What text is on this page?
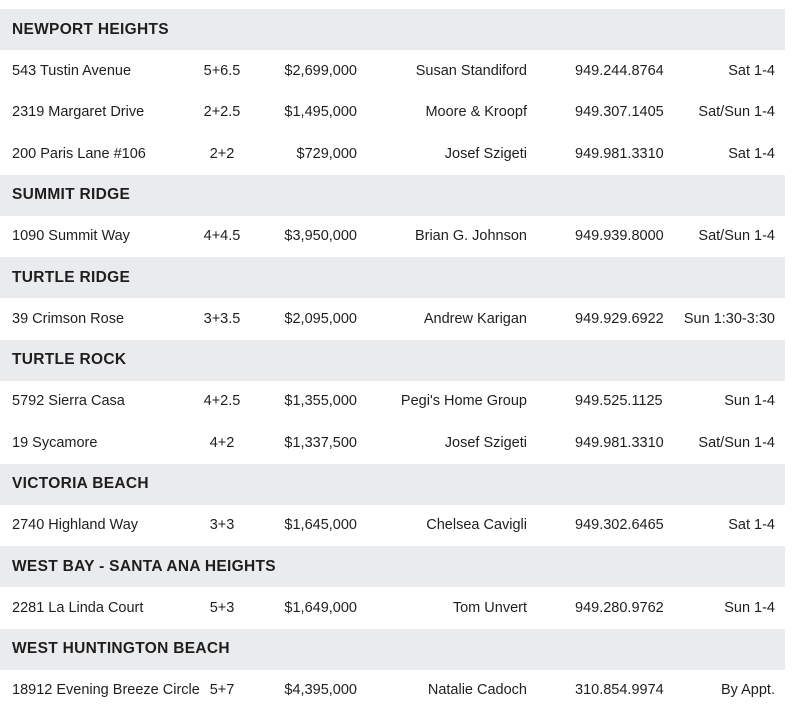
NEWPORT HEIGHTS
543 Tustin Avenue	5+6.5	$2,699,000	Susan Standiford	949.244.8764	Sat 1-4
2319 Margaret Drive	2+2.5	$1,495,000	Moore & Kroopf	949.307.1405 Sat/Sun 1-4
200 Paris Lane #106	2+2	$729,000	Josef Szigeti	949.981.3310	Sat 1-4
SUMMIT RIDGE
1090 Summit Way	4+4.5	$3,950,000	Brian G. Johnson	949.939.8000 Sat/Sun 1-4
TURTLE RIDGE
39 Crimson Rose	3+3.5	$2,095,000	Andrew Karigan	949.929.6922 Sun 1:30-3:30
TURTLE ROCK
5792 Sierra Casa	4+2.5	$1,355,000	Pegi's Home Group	949.525.1125	Sun 1-4
19 Sycamore	4+2	$1,337,500	Josef Szigeti	949.981.3310 Sat/Sun 1-4
VICTORIA BEACH
2740 Highland Way	3+3	$1,645,000	Chelsea Cavigli	949.302.6465	Sat 1-4
WEST BAY - SANTA ANA HEIGHTS
2281 La Linda Court	5+3	$1,649,000	Tom Unvert	949.280.9762	Sun 1-4
WEST HUNTINGTON BEACH
18912 Evening Breeze Circle 5+7	$4,395,000	Natalie Cadoch	310.854.9974	By Appt.
